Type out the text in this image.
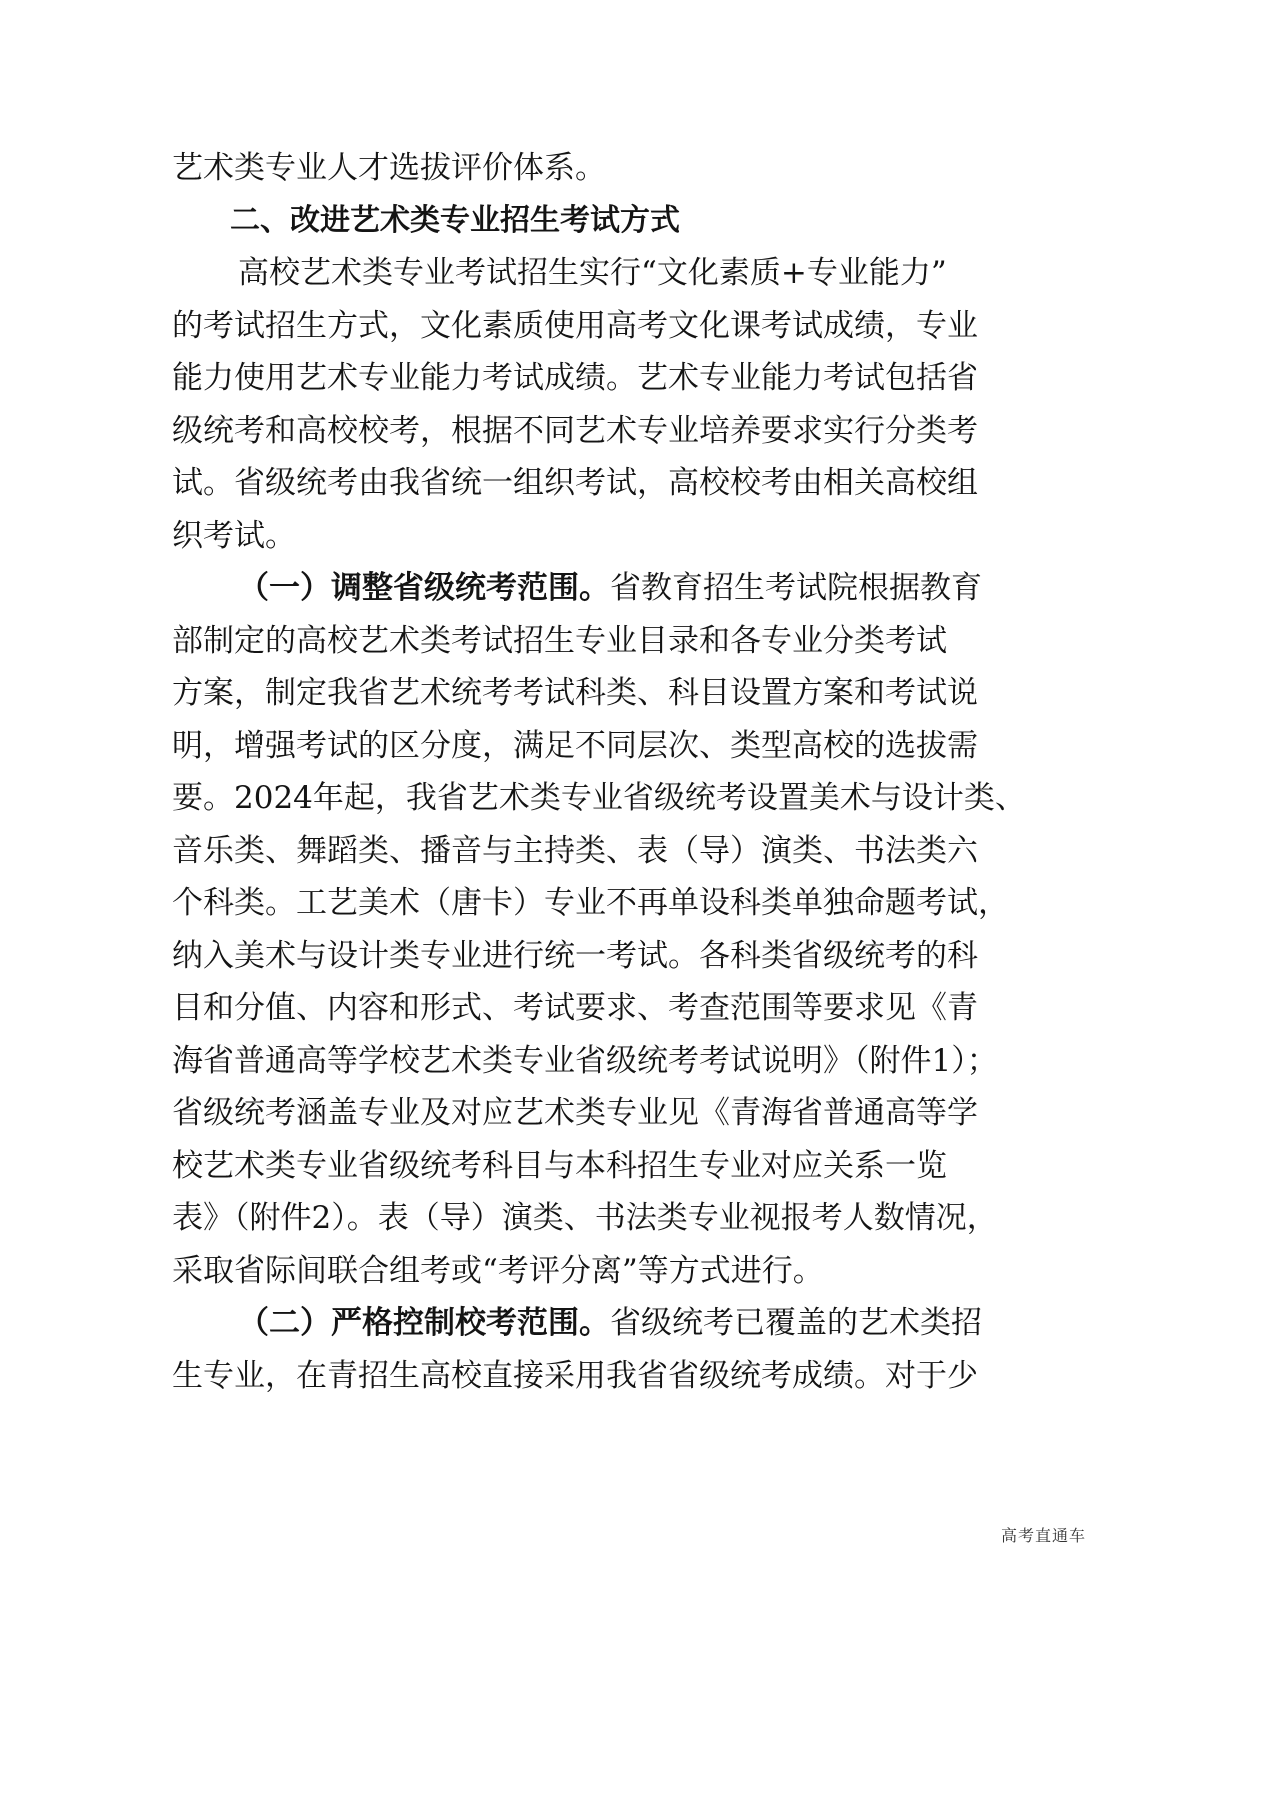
艺术类专业人才选拔评价体系。
二、改进艺术类专业招生考试方式
高校艺术类专业考试招生实行“文化素质+专业能力”
的考试招生方式，文化素质使用高考文化课考试成绩，专业
能力使用艺术专业能力考试成绩。艺术专业能力考试包括省
级统考和高校校考，根据不同艺术专业培养要求实行分类考
试。省级统考由我省统一组织考试，高校校考由相关高校组
织考试。
（一）调整省级统考范围。省教育招生考试院根据教育
部制定的高校艺术类考试招生专业目录和各专业分类考试
方案，制定我省艺术统考考试科类、科目设置方案和考试说
明，增强考试的区分度，满足不同层次、类型高校的选拔需
要。2024年起，我省艺术类专业省级统考设置美术与设计类、
音乐类、舞蹈类、播音与主持类、表（导）演类、书法类六
个科类。工艺美术（唐卡）专业不再单设科类单独命题考试，
纳入美术与设计类专业进行统一考试。各科类省级统考的科
目和分值、内容和形式、考试要求、考查范围等要求见《青
海省普通高等学校艺术类专业省级统考考试说明》（附件1）；
省级统考涵盖专业及对应艺术类专业见《青海省普通高等学
校艺术类专业省级统考科目与本科招生专业对应关系一览
表》（附件2）。表（导）演类、书法类专业视报考人数情况，
采取省际间联合组考或“考评分离”等方式进行。
（二）严格控制校考范围。省级统考已覆盖的艺术类招
生专业，在青招生高校直接采用我省省级统考成绩。对于少
高考直通车
